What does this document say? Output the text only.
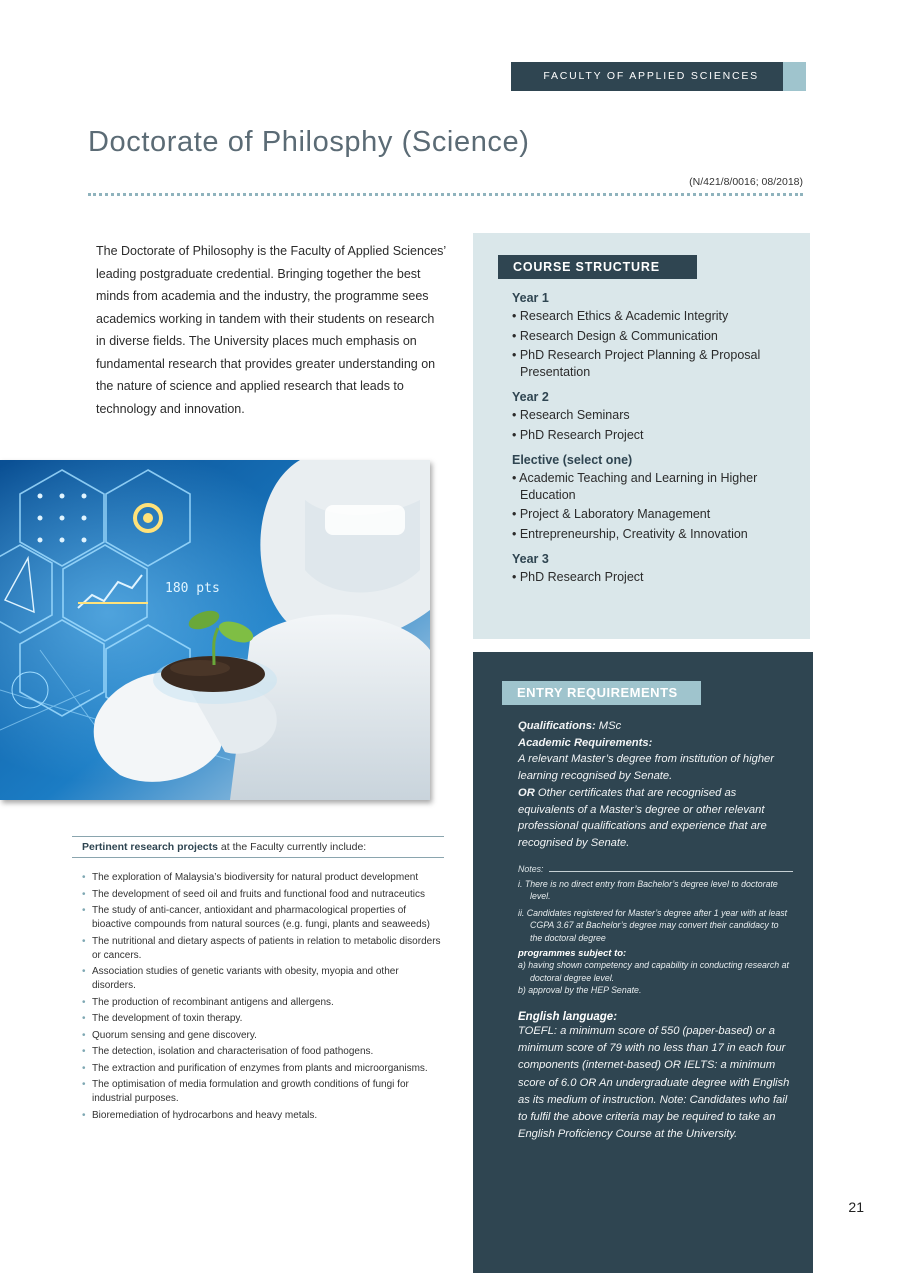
FACULTY OF APPLIED SCIENCES
Doctorate of Philosphy (Science)
(N/421/8/0016; 08/2018)

The Doctorate of Philosophy is the Faculty of Applied Sciences’ leading postgraduate credential. Bringing together the best minds from academia and the industry, the programme sees academics working in tandem with their students on research in diverse fields. The University places much emphasis on fundamental research that provides greater understanding on the nature of science and applied research that leads to technology and innovation.

180 pts
Pertinent research projects at the Faculty currently include:
• The exploration of Malaysia’s biodiversity for natural product development
• The development of seed oil and fruits and functional food and nutraceutics
• The study of anti-cancer, antioxidant and pharmacological properties of bioactive compounds from natural sources (e.g. fungi, plants and seaweeds)
• The nutritional and dietary aspects of patients in relation to metabolic disorders or cancers.
• Association studies of genetic variants with obesity, myopia and other disorders.
• The production of recombinant antigens and allergens.
• The development of toxin therapy.
• Quorum sensing and gene discovery.
• The detection, isolation and characterisation of food pathogens.
• The extraction and purification of enzymes from plants and microorganisms.
• The optimisation of media formulation and growth conditions of fungi for industrial purposes.
• Bioremediation of hydrocarbons and heavy metals.
COURSE STRUCTURE
Year 1
• Research Ethics & Academic Integrity
• Research Design & Communication
• PhD Research Project Planning & Proposal Presentation
Year 2
• Research Seminars
• PhD Research Project
Elective (select one)
• Academic Teaching and Learning in Higher Education
• Project & Laboratory Management
• Entrepreneurship, Creativity & Innovation
Year 3
• PhD Research Project
ENTRY REQUIREMENTS
Qualifications: MSc
Academic Requirements:
A relevant Master’s degree from institution of higher learning recognised by Senate.
OR Other certificates that are recognised as equivalents of a Master’s degree or other relevant professional qualifications and experience that are recognised by Senate.
Notes:
i. There is no direct entry from Bachelor’s degree level to doctorate level.
ii. Candidates registered for Master’s degree after 1 year with at least CGPA 3.67 at Bachelor’s degree may convert their candidacy to the doctoral degree
programmes subject to:
a) having shown competency and capability in conducting research at doctoral degree level.
b) approval by the HEP Senate.
English language:
TOEFL: a minimum score of 550 (paper-based) or a minimum score of 79 with no less than 17 in each four components (internet-based) OR IELTS: a minimum score of 6.0 OR An undergraduate degree with English as its medium of instruction. Note: Candidates who fail to fulfil the above criteria may be required to take an English Proficiency Course at the University.
21
